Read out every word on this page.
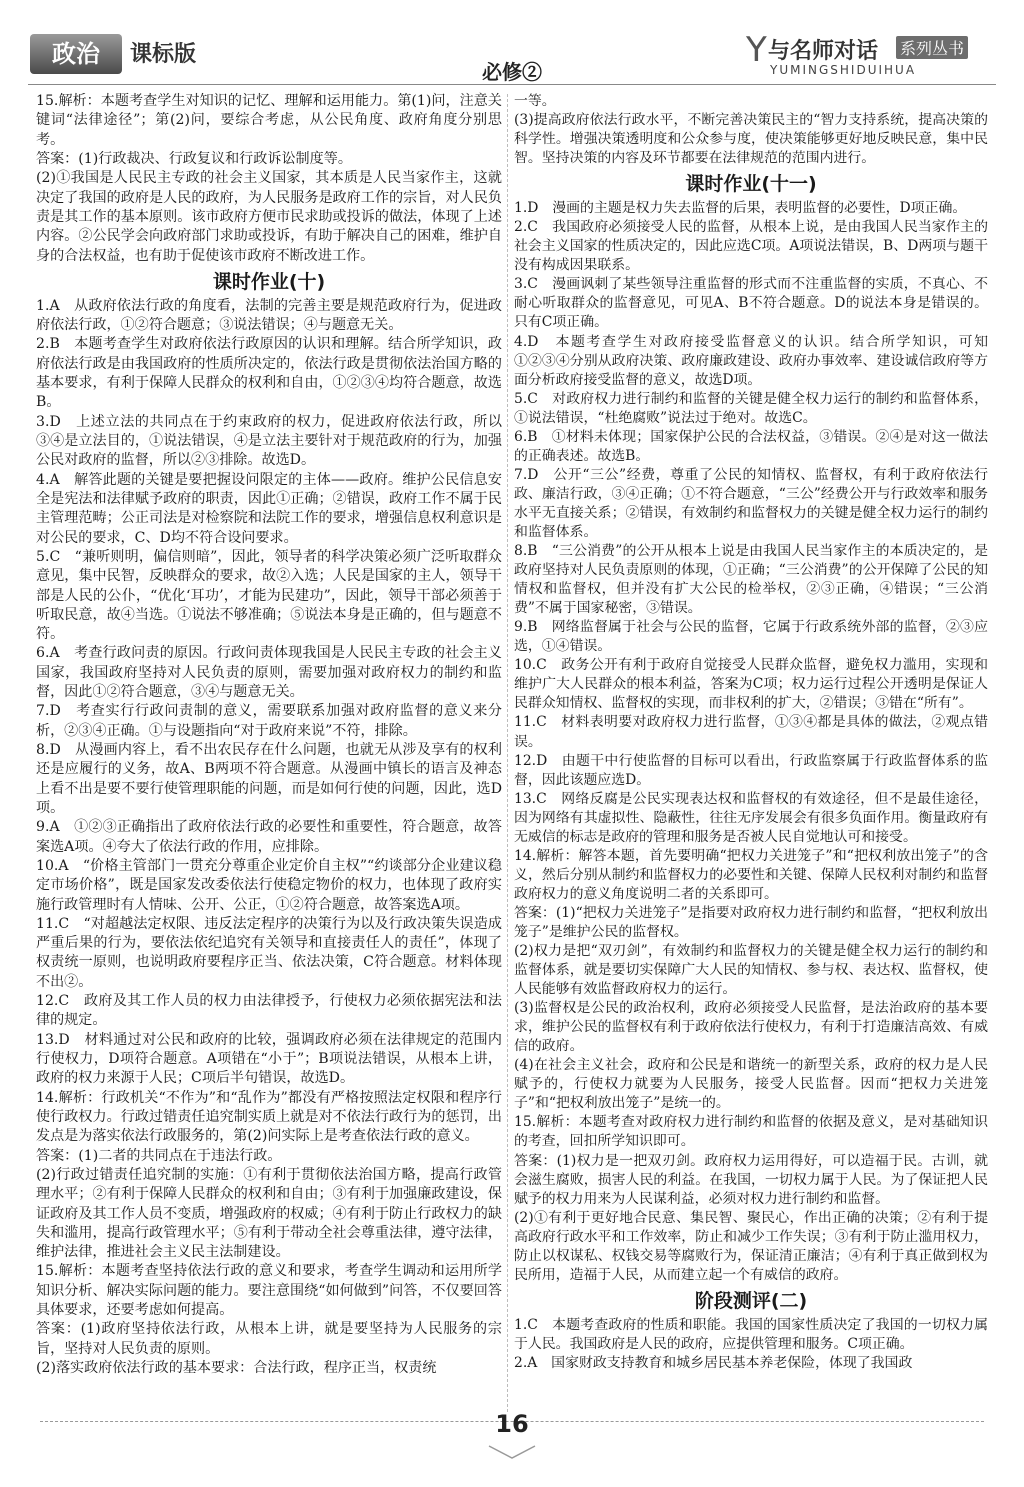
政治	课标版
必修②
Y 与名师对话 系列丛书
YUMINGSHIDUIHUA

15.解析：本题考查学生对知识的记忆、理解和运用能力。第(1)问，注意关键词“法律途径”；第(2)问，要综合考虑，从公民角度、政府角度分别思考。

答案：(1)行政裁决、行政复议和行政诉讼制度等。

(2)①我国是人民民主专政的社会主义国家，其本质是人民当家作主，这就决定了我国的政府是人民的政府，为人民服务是政府工作的宗旨，对人民负责是其工作的基本原则。该市政府方便市民求助或投诉的做法，体现了上述内容。②公民学会向政府部门求助或投诉，有助于解决自己的困难，维护自身的合法权益，也有助于促使该市政府不断改进工作。

课时作业(十)

1.A　从政府依法行政的角度看，法制的完善主要是规范政府行为，促进政府依法行政，①②符合题意；③说法错误；④与题意无关。

2.B　本题考查学生对政府依法行政原因的认识和理解。结合所学知识，政府依法行政是由我国政府的性质所决定的，依法行政是贯彻依法治国方略的基本要求，有利于保障人民群众的权利和自由，①②③④均符合题意，故选B。

3.D　上述立法的共同点在于约束政府的权力，促进政府依法行政，所以③④是立法目的，①说法错误，④是立法主要针对于规范政府的行为，加强公民对政府的监督，所以②③排除。故选D。

4.A　解答此题的关键是要把握设问限定的主体——政府。维护公民信息安全是宪法和法律赋予政府的职责，因此①正确；②错误，政府工作不属于民主管理范畴；公正司法是对检察院和法院工作的要求，增强信息权利意识是对公民的要求，C、D均不符合设问要求。

5.C　“兼听则明，偏信则暗”，因此，领导者的科学决策必须广泛听取群众意见，集中民智，反映群众的要求，故②入选；人民是国家的主人，领导干部是人民的公仆，“优化‘耳功’，才能为民建功”，因此，领导干部必须善于听取民意，故④当选。①说法不够准确；⑤说法本身是正确的，但与题意不符。

6.A　考查行政问责的原因。行政问责体现我国是人民民主专政的社会主义国家，我国政府坚持对人民负责的原则，需要加强对政府权力的制约和监督，因此①②符合题意，③④与题意无关。

7.D　考查实行行政问责制的意义，需要联系加强对政府监督的意义来分析，②③④正确。①与设题指向“对于政府来说”不符，排除。

8.D　从漫画内容上，看不出农民存在什么问题，也就无从涉及享有的权利还是应履行的义务，故A、B两项不符合题意。从漫画中镇长的语言及神态上看不出是要不要行使管理职能的问题，而是如何行使的问题，因此，选D项。

9.A　①②③正确指出了政府依法行政的必要性和重要性，符合题意，故答案选A项。④夸大了依法行政的作用，应排除。

10.A　“价格主管部门一贯充分尊重企业定价自主权”“约谈部分企业建议稳定市场价格”，既是国家发改委依法行使稳定物价的权力，也体现了政府实施行政管理时有人情味、公开、公正，①②符合题意，故答案选A项。

11.C　“对超越法定权限、违反法定程序的决策行为以及行政决策失误造成严重后果的行为，要依法依纪追究有关领导和直接责任人的责任”，体现了权责统一原则，也说明政府要程序正当、依法决策，C符合题意。材料体现不出②。

12.C　政府及其工作人员的权力由法律授予，行使权力必须依据宪法和法律的规定。

13.D　材料通过对公民和政府的比较，强调政府必须在法律规定的范围内行使权力，D项符合题意。A项错在“小于”；B项说法错误，从根本上讲，政府的权力来源于人民；C项后半句错误，故选D。

14.解析：行政机关“不作为”和“乱作为”都没有严格按照法定权限和程序行使行政权力。行政过错责任追究制实质上就是对不依法行政行为的惩罚，出发点是为落实依法行政服务的，第(2)问实际上是考查依法行政的意义。

答案：(1)二者的共同点在于违法行政。

(2)行政过错责任追究制的实施：①有利于贯彻依法治国方略，提高行政管理水平；②有利于保障人民群众的权利和自由；③有利于加强廉政建设，保证政府及其工作人员不变质，增强政府的权威；④有利于防止行政权力的缺失和滥用，提高行政管理水平；⑤有利于带动全社会尊重法律，遵守法律，维护法律，推进社会主义民主法制建设。

15.解析：本题考查坚持依法行政的意义和要求，考查学生调动和运用所学知识分析、解决实际问题的能力。要注意围绕“如何做到”问答，不仅要回答具体要求，还要考虑如何提高。

答案：(1)政府坚持依法行政，从根本上讲，就是要坚持为人民服务的宗旨，坚持对人民负责的原则。

(2)落实政府依法行政的基本要求：合法行政，程序正当，权责统

一等。

(3)提高政府依法行政水平，不断完善决策民主的“智力支持系统，提高决策的科学性。增强决策透明度和公众参与度，使决策能够更好地反映民意，集中民智。坚持决策的内容及环节都要在法律规范的范围内进行。

课时作业(十一)

1.D　漫画的主题是权力失去监督的后果，表明监督的必要性，D项正确。

2.C　我国政府必须接受人民的监督，从根本上说，是由我国人民当家作主的社会主义国家的性质决定的，因此应选C项。A项说法错误，B、D两项与题干没有构成因果联系。

3.C　漫画讽刺了某些领导注重监督的形式而不注重监督的实质，不真心、不耐心听取群众的监督意见，可见A、B不符合题意。D的说法本身是错误的。只有C项正确。

4.D　本题考查学生对政府接受监督意义的认识。结合所学知识，可知①②③④分别从政府决策、政府廉政建设、政府办事效率、建设诚信政府等方面分析政府接受监督的意义，故选D项。

5.C　对政府权力进行制约和监督的关键是健全权力运行的制约和监督体系，①说法错误，“杜绝腐败”说法过于绝对。故选C。

6.B　①材料未体现；国家保护公民的合法权益，③错误。②④是对这一做法的正确表述。故选B。

7.D　公开“三公”经费，尊重了公民的知情权、监督权，有利于政府依法行政、廉洁行政，③④正确；①不符合题意，“三公”经费公开与行政效率和服务水平无直接关系；②错误，有效制约和监督权力的关键是健全权力运行的制约和监督体系。

8.B　“三公消费”的公开从根本上说是由我国人民当家作主的本质决定的，是政府坚持对人民负责原则的体现，①正确；“三公消费”的公开保障了公民的知情权和监督权，但并没有扩大公民的检举权，②③正确，④错误；“三公消费”不属于国家秘密，③错误。

9.B　网络监督属于社会与公民的监督，它属于行政系统外部的监督，②③应选，①④错误。

10.C　政务公开有利于政府自觉接受人民群众监督，避免权力滥用，实现和维护广大人民群众的根本利益，答案为C项；权力运行过程公开透明是保证人民群众知情权、监督权的实现，而非权利的扩大，②错误；③错在“所有”。

11.C　材料表明要对政府权力进行监督，①③④都是具体的做法，②观点错误。

12.D　由题干中行使监督的目标可以看出，行政监察属于行政监督体系的监督，因此该题应选D。

13.C　网络反腐是公民实现表达权和监督权的有效途径，但不是最佳途径，因为网络有其虚拟性、隐蔽性，往往无序发展会有很多负面作用。衡量政府有无威信的标志是政府的管理和服务是否被人民自觉地认可和接受。

14.解析：解答本题，首先要明确“把权力关进笼子”和“把权利放出笼子”的含义，然后分别从制约和监督权力的必要性和关键、保障人民权利对制约和监督政府权力的意义角度说明二者的关系即可。

答案：(1)“把权力关进笼子”是指要对政府权力进行制约和监督，“把权利放出笼子”是维护公民的监督权。

(2)权力是把“双刃剑”，有效制约和监督权力的关键是健全权力运行的制约和监督体系，就是要切实保障广大人民的知情权、参与权、表达权、监督权，使人民能够有效监督政府权力的运行。

(3)监督权是公民的政治权利，政府必须接受人民监督，是法治政府的基本要求，维护公民的监督权有利于政府依法行使权力，有利于打造廉洁高效、有威信的政府。

(4)在社会主义社会，政府和公民是和谐统一的新型关系，政府的权力是人民赋予的，行使权力就要为人民服务，接受人民监督。因而“把权力关进笼子”和“把权利放出笼子”是统一的。

15.解析：本题考查对政府权力进行制约和监督的依据及意义，是对基础知识的考查，回扣所学知识即可。

答案：(1)权力是一把双刃剑。政府权力运用得好，可以造福于民。古训，就会滋生腐败，损害人民的利益。在我国，一切权力属于人民。为了保证把人民赋予的权力用来为人民谋利益，必须对权力进行制约和监督。

(2)①有利于更好地合民意、集民智、聚民心，作出正确的决策；②有利于提高政府行政水平和工作效率，防止和减少工作失误；③有利于防止滥用权力，防止以权谋私、权钱交易等腐败行为，保证清正廉洁；④有利于真正做到权为民所用，造福于人民，从而建立起一个有威信的政府。

阶段测评(二)

1.C　本题考查政府的性质和职能。我国的国家性质决定了我国的一切权力属于人民。我国政府是人民的政府，应提供管理和服务。C项正确。

2.A　国家财政支持教育和城乡居民基本养老保险，体现了我国政

16
